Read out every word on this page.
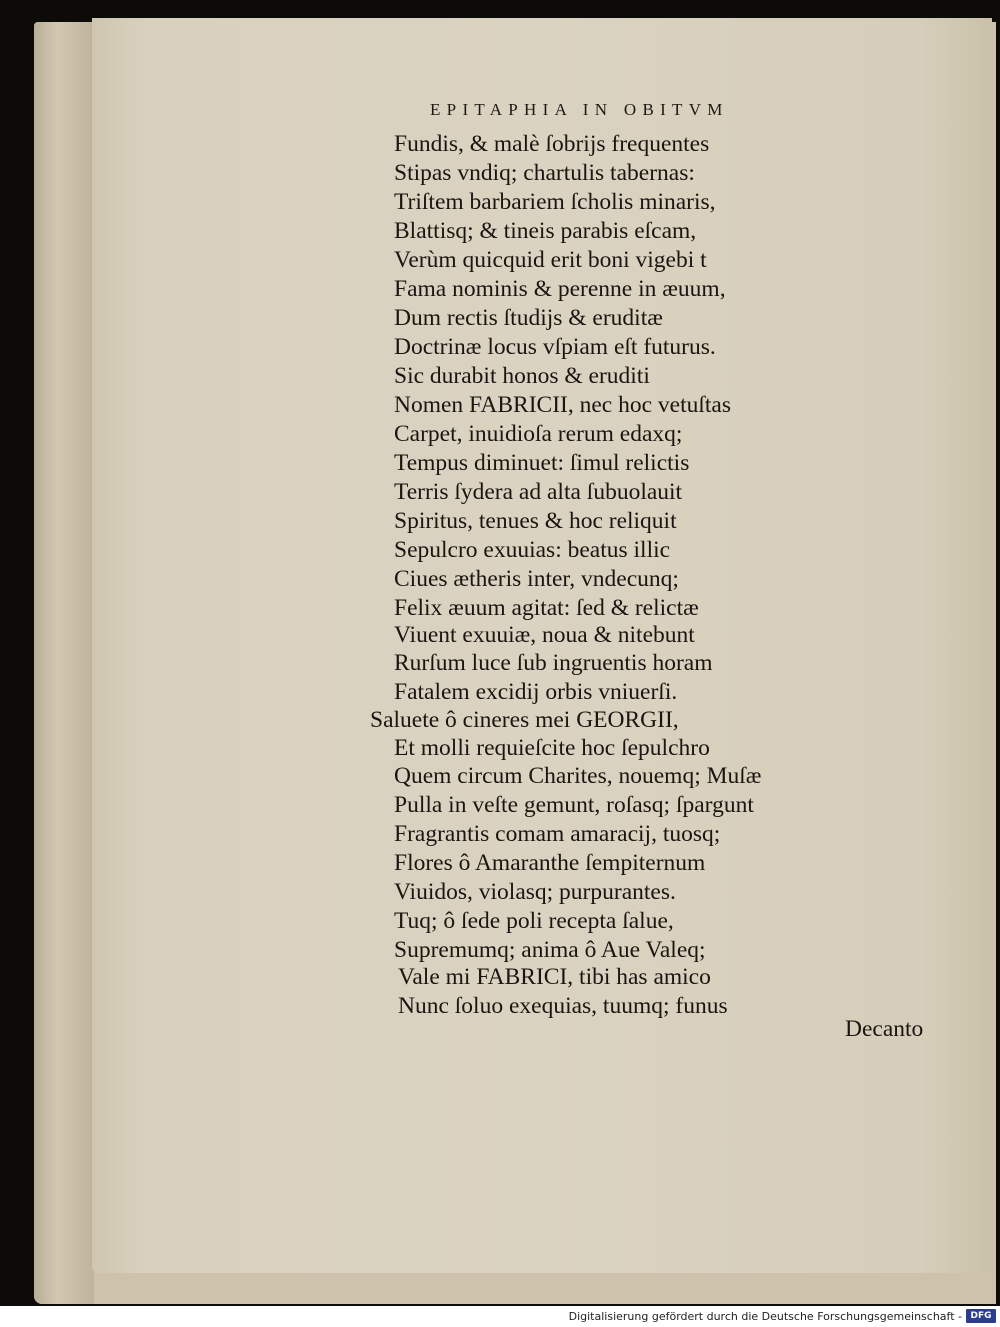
EPITAPHIA IN OBITVM
Fundis, & malè ſobrijs frequentes
Stipas vndiq; chartulis tabernas:
Triſtem barbariem ſcholis minaris,
Blattisq; & tineis parabis eſcam,
Verùm quicquid erit boni vigebi t
Fama nominis & perenne in æuum,
Dum rectis ſtudijs & eruditæ
Doctrinæ locus vſpiam eſt futurus.
Sic durabit honos & eruditi
Nomen FABRICII, nec hoc vetuſtas
Carpet, inuidioſa rerum edaxq;
Tempus diminuet: ſimul relictis
Terris ſydera ad alta ſubuolauit
Spiritus, tenues & hoc reliquit
Sepulcro exuuias: beatus illic
Ciues ætheris inter, vndecunq;
Felix æuum agitat: ſed & relictæ
Viuent exuuiæ, noua & nitebunt
Rurſum luce ſub ingruentis horam
Fatalem excidij orbis vniuerſi.
Saluete ô cineres mei GEORGII,
Et molli requieſcite hoc ſepulchro
Quem circum Charites, nouemq; Muſæ
Pulla in veſte gemunt, roſasq; ſpargunt
Fragrantis comam amaracij, tuosq;
Flores ô Amaranthe ſempiternum
Viuidos, violasq; purpurantes.
Tuq; ô ſede poli recepta ſalue,
Supremumq; anima ô Aue Valeq;
Vale mi FABRICI, tibi has amico
Nunc ſoluo exequias, tuumq; funus
Decanto
Digitalisierung gefördert durch die Deutsche Forschungsgemeinschaft - DFG
